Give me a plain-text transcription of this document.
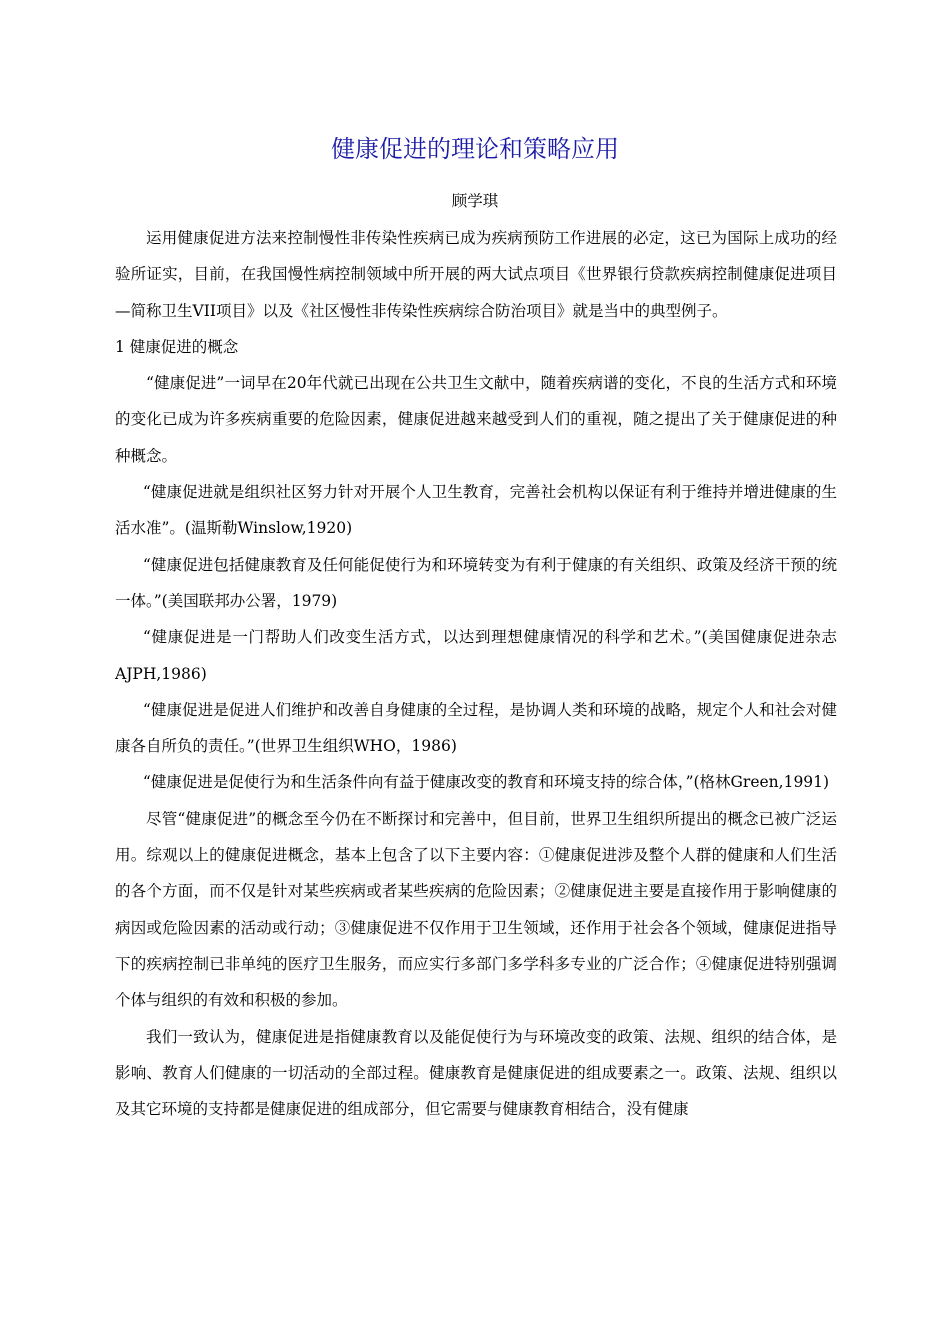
健康促进的理论和策略应用
顾学琪

运用健康促进方法来控制慢性非传染性疾病已成为疾病预防工作进展的必定，这已为国际上成功的经验所证实，目前，在我国慢性病控制领域中所开展的两大试点项目《世界银行贷款疾病控制健康促进项目—简称卫生VII项目》以及《社区慢性非传染性疾病综合防治项目》就是当中的典型例子。

1 健康促进的概念

“健康促进”一词早在20年代就已出现在公共卫生文献中，随着疾病谱的变化，不良的生活方式和环境的变化已成为许多疾病重要的危险因素，健康促进越来越受到人们的重视，随之提出了关于健康促进的种种概念。

“健康促进就是组织社区努力针对开展个人卫生教育，完善社会机构以保证有利于维持并增进健康的生活水准”。(温斯勒Winslow,1920)

“健康促进包括健康教育及任何能促使行为和环境转变为有利于健康的有关组织、政策及经济干预的统一体。”(美国联邦办公署，1979)

“健康促进是一门帮助人们改变生活方式，以达到理想健康情况的科学和艺术。”(美国健康促进杂志AJPH,1986)

“健康促进是促进人们维护和改善自身健康的全过程，是协调人类和环境的战略，规定个人和社会对健康各自所负的责任。”(世界卫生组织WHO，1986)

“健康促进是促使行为和生活条件向有益于健康改变的教育和环境支持的综合体，”(格林Green,1991)

尽管“健康促进”的概念至今仍在不断探讨和完善中，但目前，世界卫生组织所提出的概念已被广泛运用。综观以上的健康促进概念，基本上包含了以下主要内容：①健康促进涉及整个人群的健康和人们生活的各个方面，而不仅是针对某些疾病或者某些疾病的危险因素；②健康促进主要是直接作用于影响健康的病因或危险因素的活动或行动；③健康促进不仅作用于卫生领域，还作用于社会各个领域，健康促进指导下的疾病控制已非单纯的医疗卫生服务，而应实行多部门多学科多专业的广泛合作；④健康促进特别强调个体与组织的有效和积极的参加。

我们一致认为，健康促进是指健康教育以及能促使行为与环境改变的政策、法规、组织的结合体，是影响、教育人们健康的一切活动的全部过程。健康教育是健康促进的组成要素之一。政策、法规、组织以及其它环境的支持都是健康促进的组成部分，但它需要与健康教育相结合，没有健康
